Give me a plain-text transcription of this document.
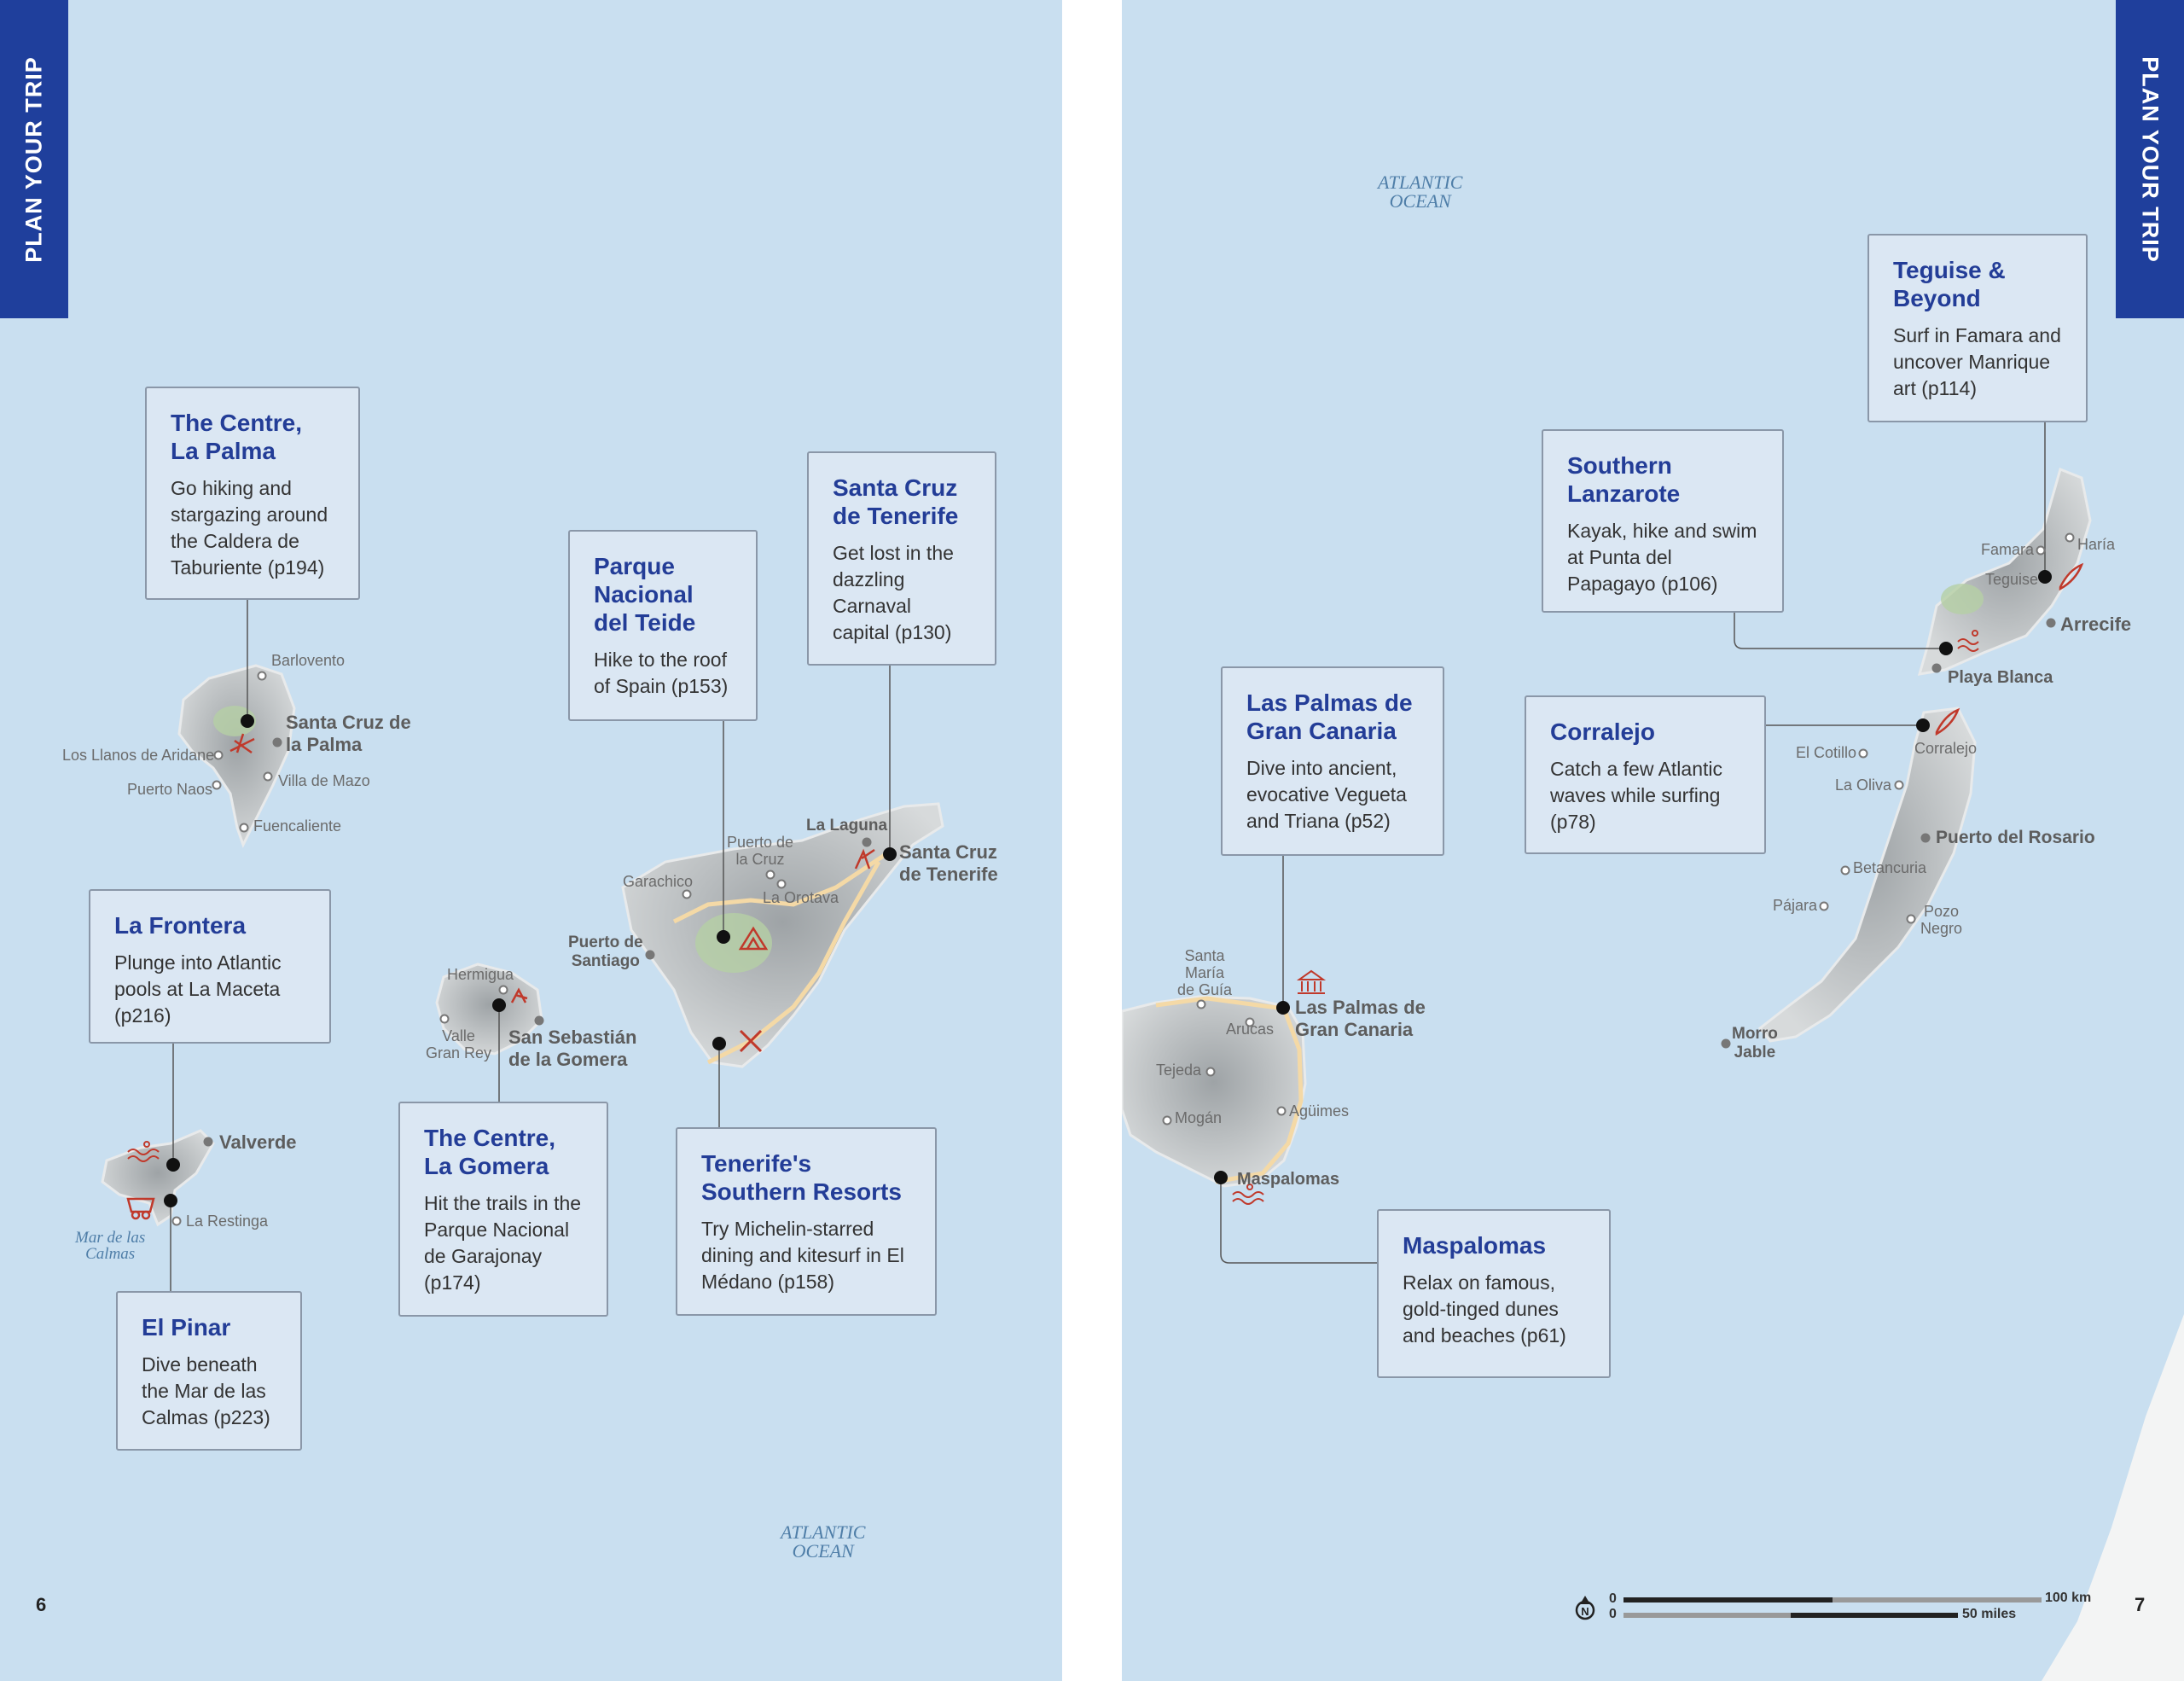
PLAN YOUR TRIP
Barlovento
Santa Cruz de
la Palma
Los Llanos de Aridane
Villa de Mazo
Puerto Naos
Fuencaliente
Valverde
La Restinga
Hermigua
Valle
Gran Rey
San Sebastián
de la Gomera
La Laguna
Puerto de
la Cruz
Garachico
La Orotava
Puerto de
Santiago
Santa Cruz
de Tenerife
Mar de las
Calmas
ATLANTIC
OCEAN
The Centre,
La Palma

Go hiking and stargazing around the Caldera de Taburiente (p194)

La Frontera

Plunge into Atlantic pools at La Maceta (p216)

El Pinar

Dive beneath the Mar de las Calmas (p223)

Parque
Nacional
del Teide

Hike to the roof of Spain (p153)

Santa Cruz
de Tenerife

Get lost in the dazzling Carnaval capital (p130)

The Centre,
La Gomera

Hit the trails in the Parque Nacional de Garajonay (p174)

Tenerife's
Southern Resorts

Try Michelin-starred dining and kitesurf in El Médano (p158)

6
PLAN YOUR TRIP
N
Famara	Haría
Teguise
Arrecife
Playa Blanca
El Cotillo	Corralejo
La Oliva
Puerto del Rosario
Betancuria
Pájara	Pozo
Negro
Morro
Jable
Santa
María
de Guía
Arucas
Las Palmas de
Gran Canaria
Tejeda
Mogán	Agüimes
Maspalomas
ATLANTIC
OCEAN
Teguise &
Beyond

Surf in Famara and uncover Manrique art (p114)

Southern
Lanzarote

Kayak, hike and swim at Punta del Papagayo (p106)

Las Palmas de
Gran Canaria

Dive into ancient, evocative Vegueta and Triana (p52)

Corralejo

Catch a few Atlantic waves while surfing (p78)

Maspalomas

Relax on famous, gold-tinged dunes and beaches (p61)

0
0
100 km
50 miles	7
